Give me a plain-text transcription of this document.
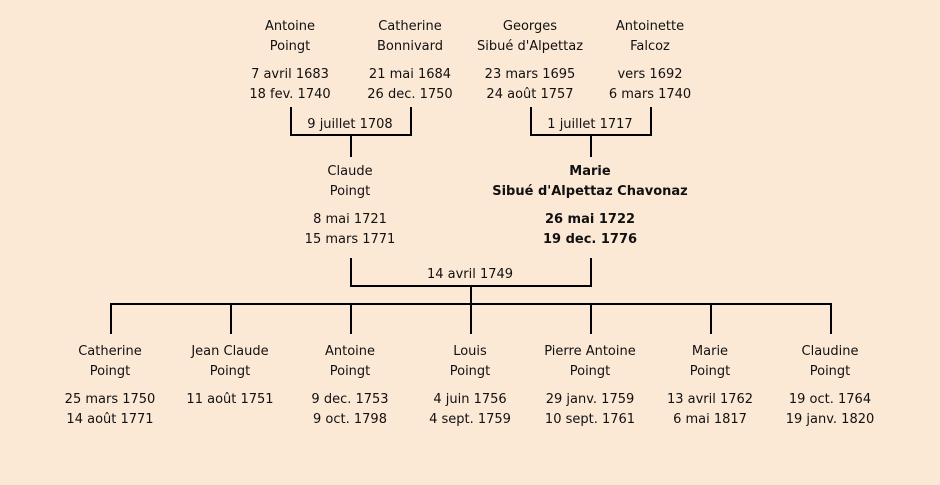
Antoine
Poingt
7 avril 1683
18 fev. 1740
Catherine
Bonnivard
21 mai 1684
26 dec. 1750
Georges
Sibué d'Alpettaz
23 mars 1695
24 août 1757
Antoinette
Falcoz
vers 1692
6 mars 1740
9 juillet 1708	1 juillet 1717
Claude
Poingt
8 mai 1721
15 mars 1771
Marie
Sibué d'Alpettaz Chavonaz
26 mai 1722
19 dec. 1776
14 avril 1749
Catherine
Poingt
25 mars 1750
14 août 1771
Jean Claude
Poingt
11 août 1751
Antoine
Poingt
9 dec. 1753
9 oct. 1798
Louis
Poingt
4 juin 1756
4 sept. 1759
Pierre Antoine
Poingt
29 janv. 1759
10 sept. 1761
Marie
Poingt
13 avril 1762
6 mai 1817
Claudine
Poingt
19 oct. 1764
19 janv. 1820
